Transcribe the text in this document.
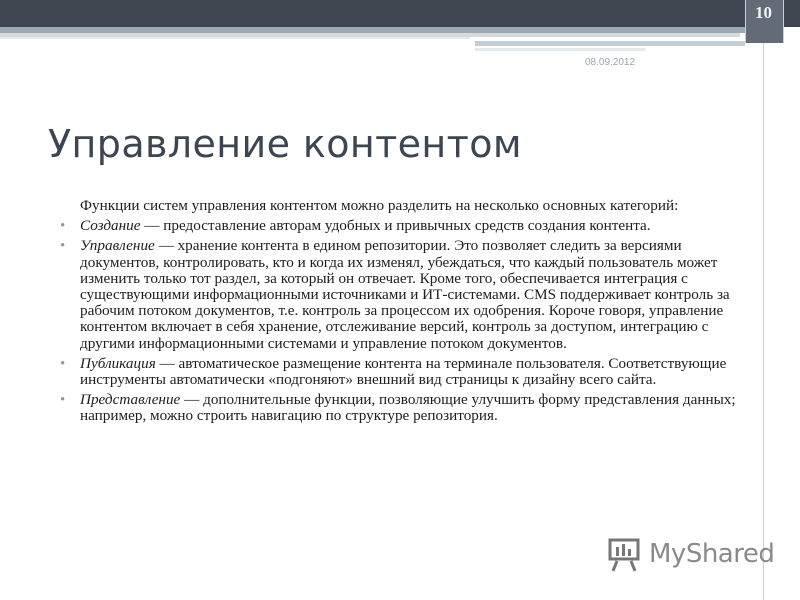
10
08.09.2012
Управление контентом

Функции систем управления контентом можно разделить на несколько основных категорий:

• Создание — предоставление авторам удобных и привычных средств создания контента.
• Управление — хранение контента в едином репозитории. Это позволяет следить за версиями документов, контролировать, кто и когда их изменял, убеждаться, что каждый пользователь может изменить только тот раздел, за который он отвечает. Кроме того, обеспечивается интеграция с существующими информационными источниками и ИТ-системами. CMS поддерживает контроль за рабочим потоком документов, т.е. контроль за процессом их одобрения. Короче говоря, управление контентом включает в себя хранение, отслеживание версий, контроль за доступом, интеграцию с другими информационными системами и управление потоком документов.
• Публикация — автоматическое размещение контента на терминале пользователя. Соответствующие инструменты автоматически «подгоняют» внешний вид страницы к дизайну всего сайта.
• Представление — дополнительные функции, позволяющие улучшить форму представления данных; например, можно строить навигацию по структуре репозитория.
MyShared
